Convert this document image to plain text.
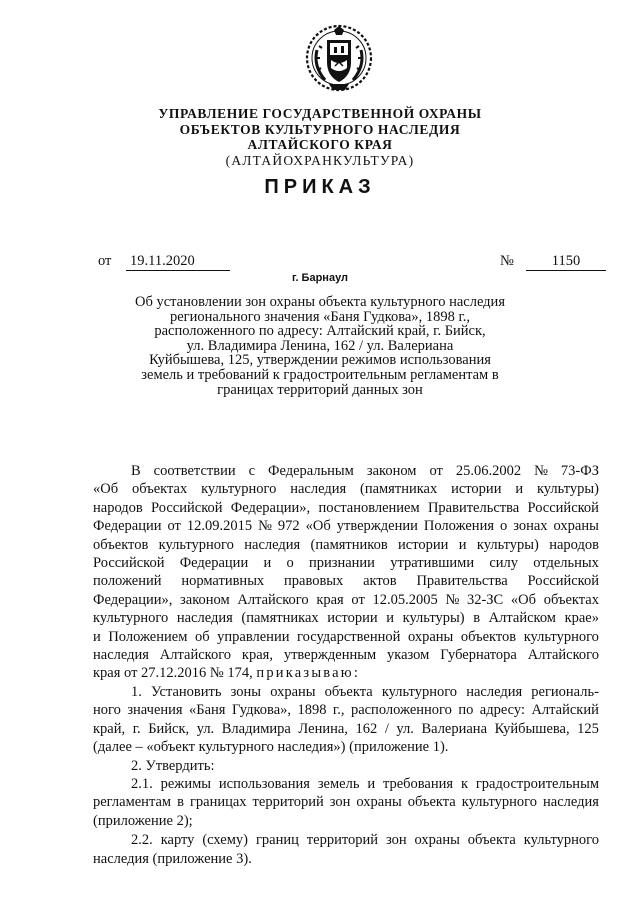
УПРАВЛЕНИЕ ГОСУДАРСТВЕННОЙ ОХРАНЫ
ОБЪЕКТОВ КУЛЬТУРНОГО НАСЛЕДИЯ
АЛТАЙСКОГО КРАЯ
(АЛТАЙОХРАНКУЛЬТУРА)
ПРИКАЗ
от 19.11.2020	№	1150
г. Барнаул
Об установлении зон охраны объекта культурного наследия
регионального значения «Баня Гудкова», 1898 г.,
расположенного по адресу: Алтайский край, г. Бийск,
ул. Владимира Ленина, 162 / ул. Валериана
Куйбышева, 125, утверждении режимов использования
земель и требований к градостроительным регламентам в
границах территорий данных зон
В соответствии с Федеральным законом от 25.06.2002 № 73-ФЗ
«Об объектах культурного наследия (памятниках истории и культуры)
народов Российской Федерации», постановлением Правительства Российской
Федерации от 12.09.2015 № 972 «Об утверждении Положения о зонах охраны
объектов культурного наследия (памятников истории и культуры) народов
Российской Федерации и о признании утратившими силу отдельных
положений нормативных правовых актов Правительства Российской
Федерации», законом Алтайского края от 12.05.2005 № 32-ЗС «Об объектах
культурного наследия (памятниках истории и культуры) в Алтайском крае»
и Положением об управлении государственной охраны объектов культурного
наследия Алтайского края, утвержденным указом Губернатора Алтайского
края от 27.12.2016 № 174, приказываю:
1. Установить зоны охраны объекта культурного наследия региональ-
ного значения «Баня Гудкова», 1898 г., расположенного по адресу: Алтайский
край, г. Бийск, ул. Владимира Ленина, 162 / ул. Валериана Куйбышева, 125
(далее – «объект культурного наследия») (приложение 1).
2. Утвердить:
2.1. режимы использования земель и требования к градостроительным
регламентам в границах территорий зон охраны объекта культурного наследия
(приложение 2);
2.2. карту (схему) границ территорий зон охраны объекта культурного
наследия (приложение 3).
